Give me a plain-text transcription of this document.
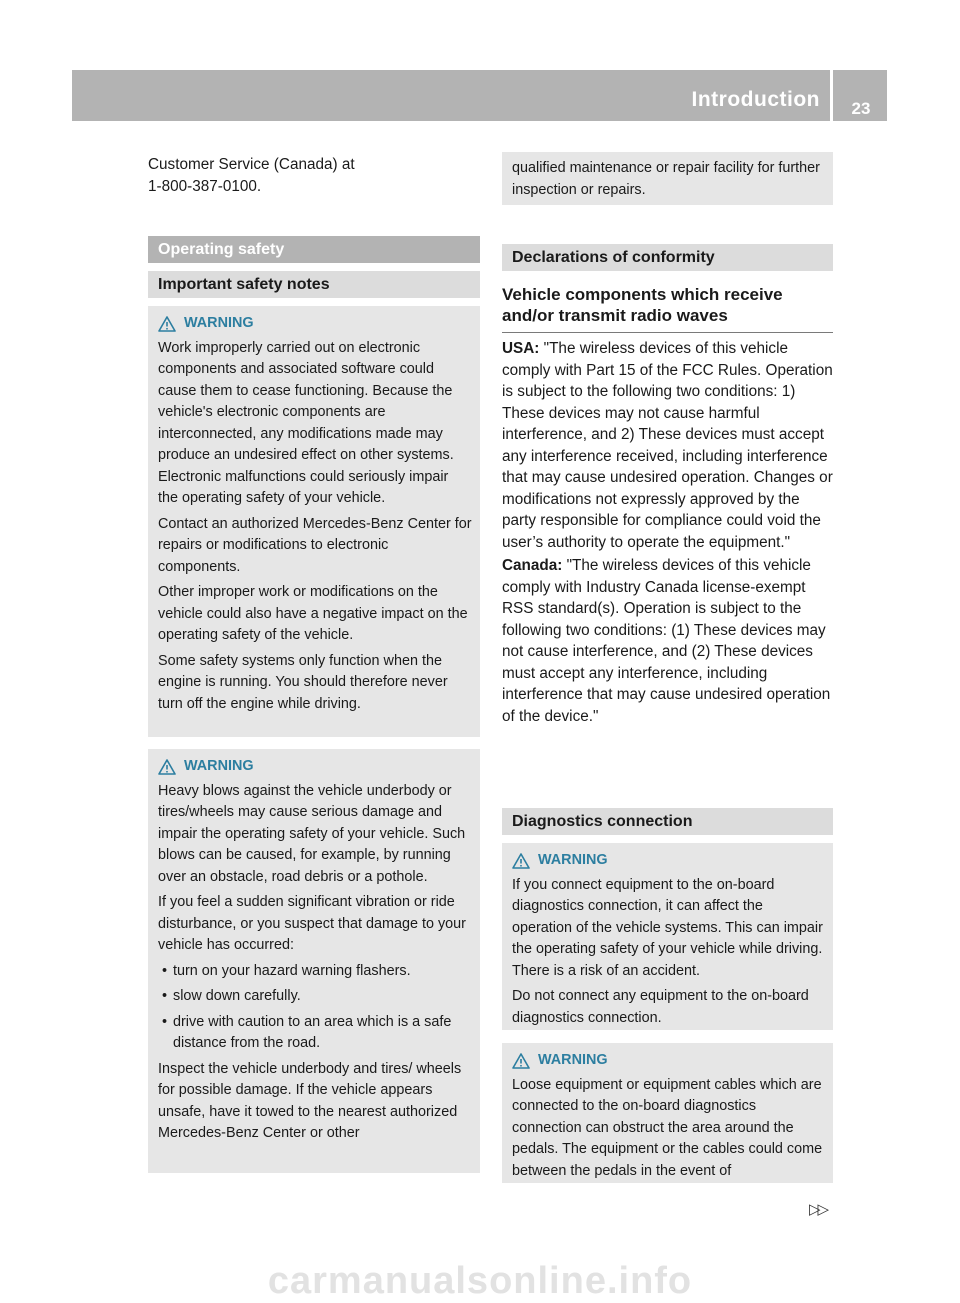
Introduction	23
Customer Service (Canada) at
1-800-387-0100.
Operating safety
Important safety notes
WARNING

Work improperly carried out on electronic components and associated software could cause them to cease functioning. Because the vehicle's electronic components are interconnected, any modifications made may produce an undesired effect on other systems. Electronic malfunctions could seriously impair the operating safety of your vehicle.

Contact an authorized Mercedes-Benz Center for repairs or modifications to electronic components.

Other improper work or modifications on the vehicle could also have a negative impact on the operating safety of the vehicle.

Some safety systems only function when the engine is running. You should therefore never turn off the engine while driving.

WARNING

Heavy blows against the vehicle underbody or tires/wheels may cause serious damage and impair the operating safety of your vehicle. Such blows can be caused, for example, by running over an obstacle, road debris or a pothole.

If you feel a sudden significant vibration or ride disturbance, or you suspect that damage to your vehicle has occurred:

• turn on your hazard warning flashers.

• slow down carefully.

• drive with caution to an area which is a safe distance from the road.

Inspect the vehicle underbody and tires/ wheels for possible damage. If the vehicle appears unsafe, have it towed to the nearest authorized Mercedes-Benz Center or other

qualified maintenance or repair facility for further inspection or repairs.

Declarations of conformity
Vehicle components which receive and/or transmit radio waves

USA: "The wireless devices of this vehicle comply with Part 15 of the FCC Rules. Operation is subject to the following two conditions: 1) These devices may not cause harmful interference, and 2) These devices must accept any interference received, including interference that may cause undesired operation. Changes or modifications not expressly approved by the party responsible for compliance could void the user’s authority to operate the equipment."

Canada: "The wireless devices of this vehicle comply with Industry Canada license-exempt RSS standard(s). Operation is subject to the following two conditions: (1) These devices may not cause interference, and (2) These devices must accept any interference, including interference that may cause undesired operation of the device."

Diagnostics connection
WARNING

If you connect equipment to the on-board diagnostics connection, it can affect the operation of the vehicle systems. This can impair the operating safety of your vehicle while driving. There is a risk of an accident.

Do not connect any equipment to the on-board diagnostics connection.

WARNING

Loose equipment or equipment cables which are connected to the on-board diagnostics connection can obstruct the area around the pedals. The equipment or the cables could come between the pedals in the event of

▷▷
carmanualsonline.info
